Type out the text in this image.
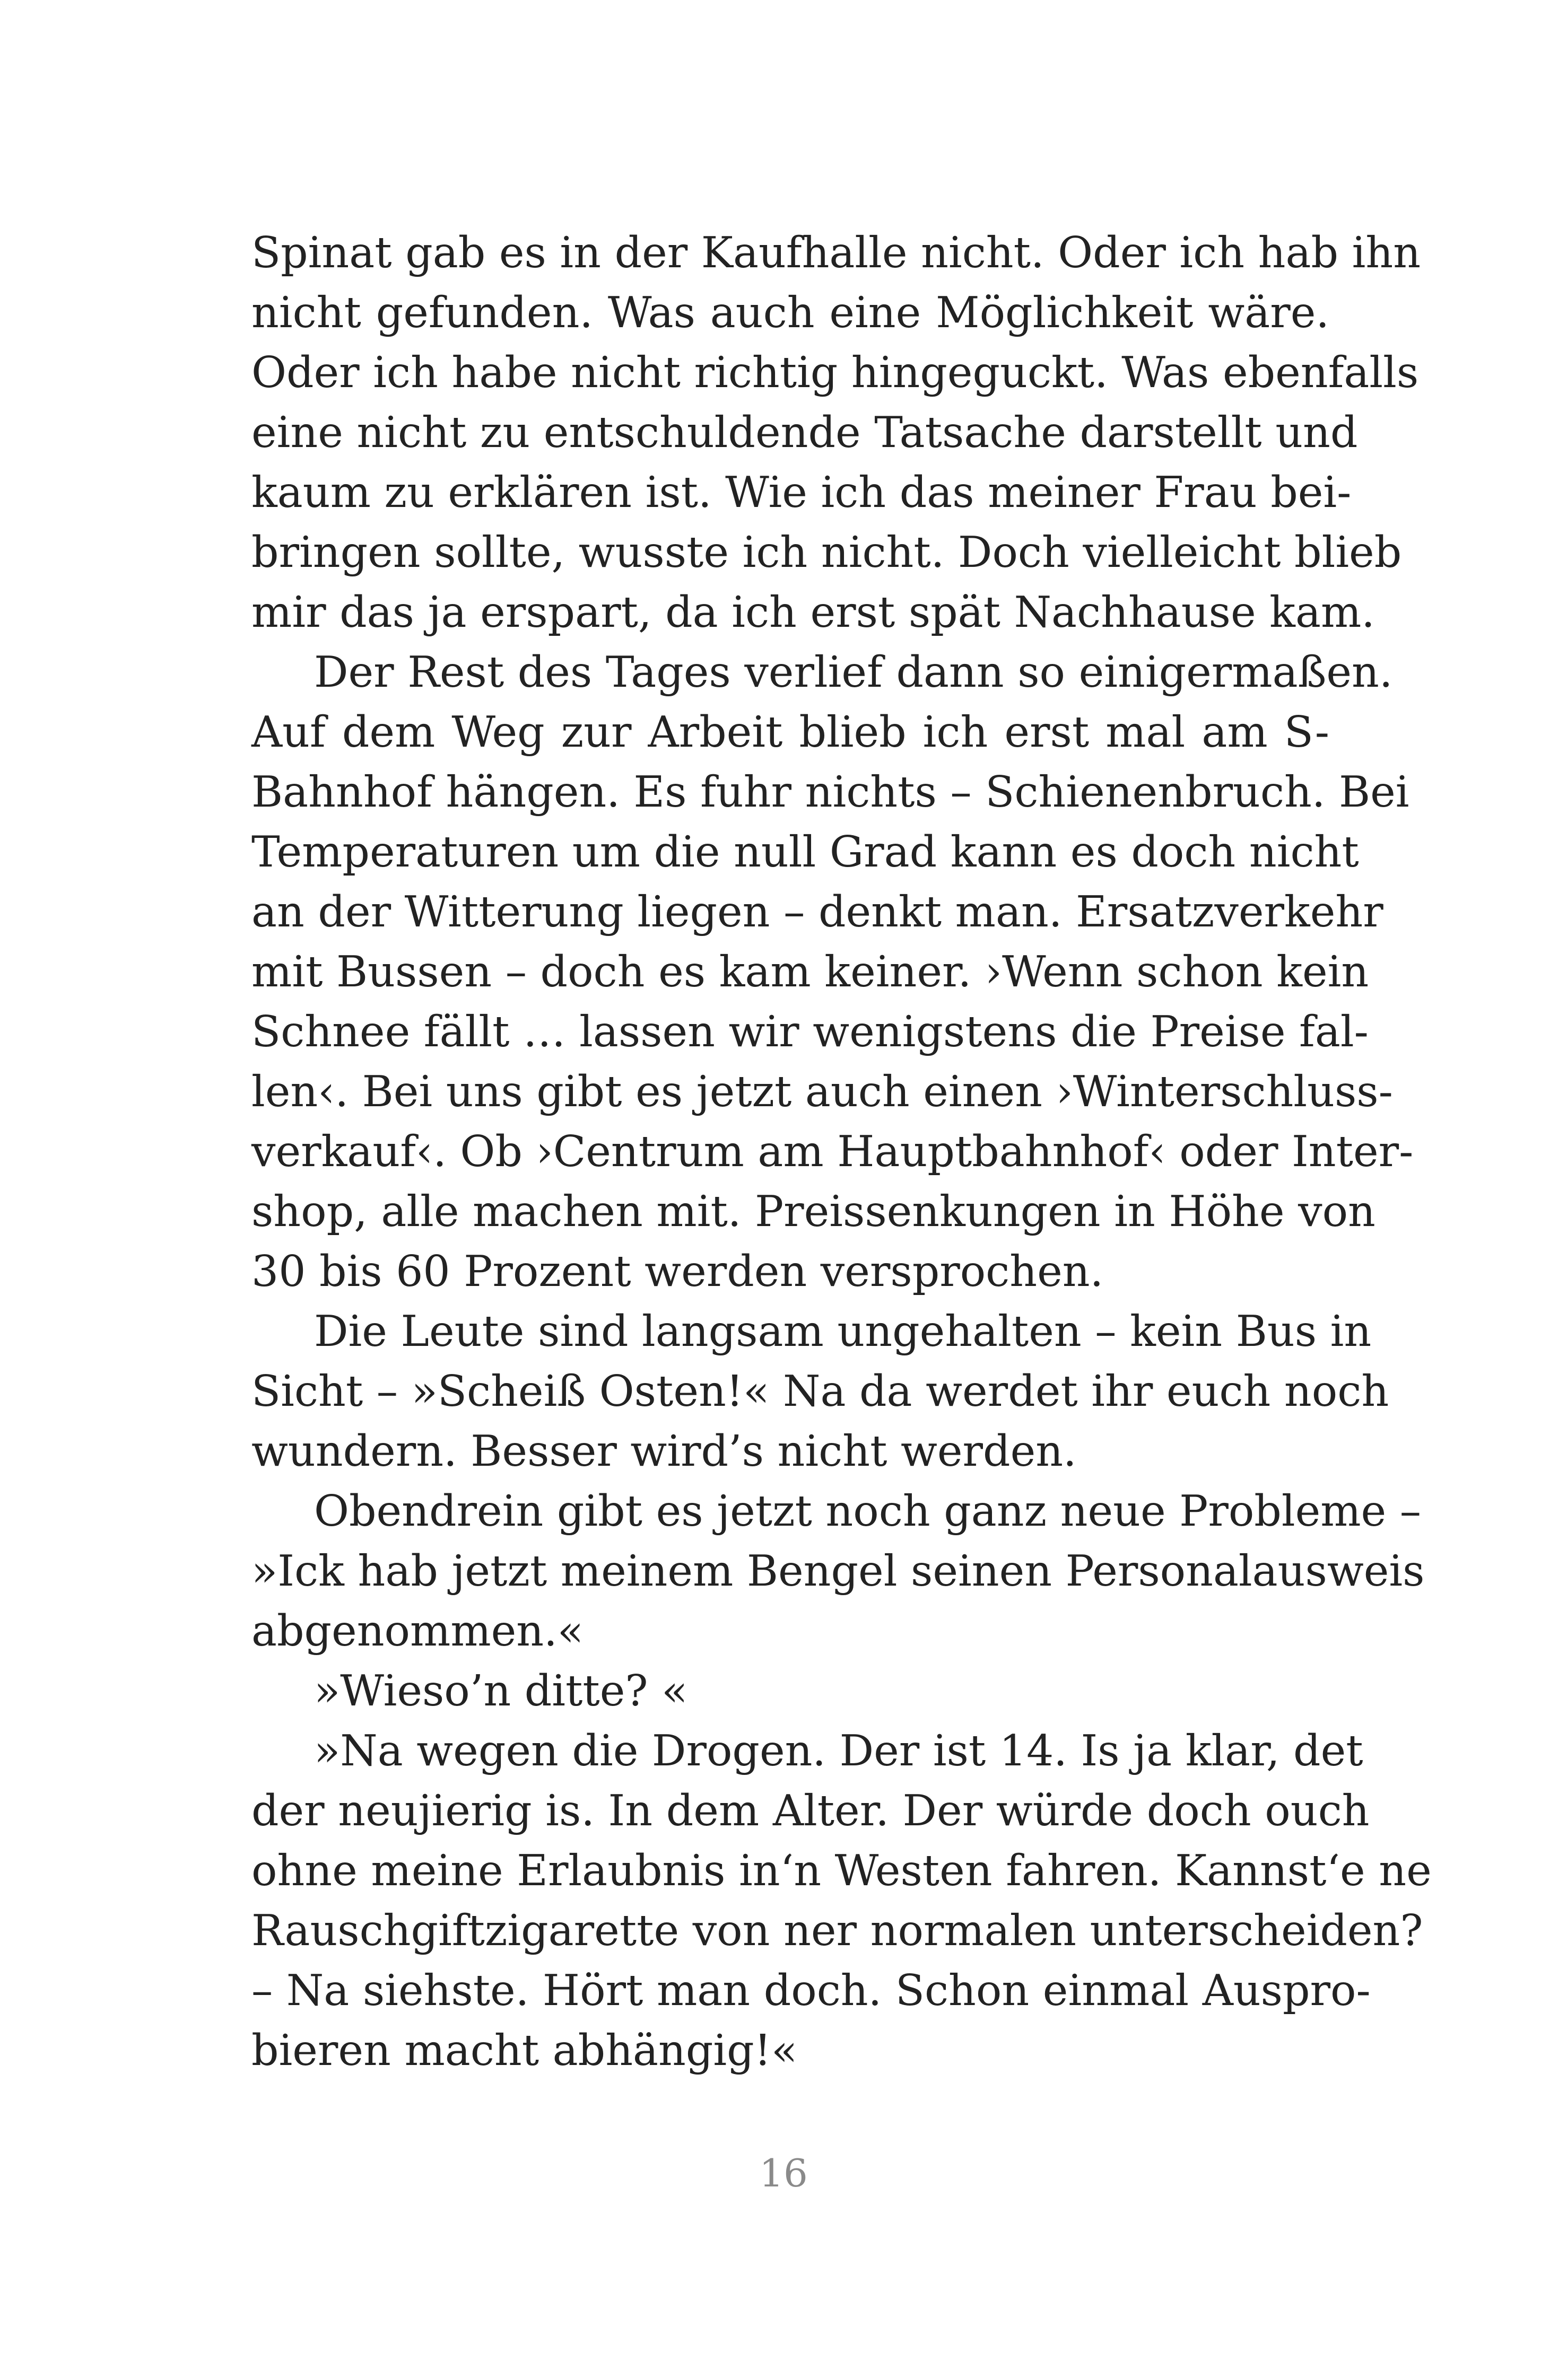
Spinat gab es in der Kaufhalle nicht. Oder ich hab ihn
nicht gefunden. Was auch eine Möglichkeit wäre.
Oder ich habe nicht richtig hingeguckt. Was ebenfalls
eine nicht zu entschuldende Tatsache darstellt und
kaum zu erklären ist. Wie ich das meiner Frau bei-
bringen sollte, wusste ich nicht. Doch vielleicht blieb
mir das ja erspart, da ich erst spät Nachhause kam.
Der Rest des Tages verlief dann so einigermaßen.
Auf dem Weg zur Arbeit blieb ich erst mal am S-
Bahnhof hängen. Es fuhr nichts – Schienenbruch. Bei
Temperaturen um die null Grad kann es doch nicht
an der Witterung liegen – denkt man. Ersatzverkehr
mit Bussen – doch es kam keiner. ›Wenn schon kein
Schnee fällt … lassen wir wenigstens die Preise fal-
len‹. Bei uns gibt es jetzt auch einen ›Winterschluss-
verkauf‹. Ob ›Centrum am Hauptbahnhof‹ oder Inter-
shop, alle machen mit. Preissenkungen in Höhe von
30 bis 60 Prozent werden versprochen.
Die Leute sind langsam ungehalten – kein Bus in
Sicht – »Scheiß Osten!« Na da werdet ihr euch noch
wundern. Besser wird’s nicht werden.
Obendrein gibt es jetzt noch ganz neue Probleme –
»Ick hab jetzt meinem Bengel seinen Personalausweis
abgenommen.«
»Wieso’n ditte? «
»Na wegen die Drogen. Der ist 14. Is ja klar, det
der neujierig is. In dem Alter. Der würde doch ouch
ohne meine Erlaubnis in‘n Westen fahren. Kannst‘e ne
Rauschgiftzigarette von ner normalen unterscheiden?
– Na siehste. Hört man doch. Schon einmal Auspro-
bieren macht abhängig!«
16
